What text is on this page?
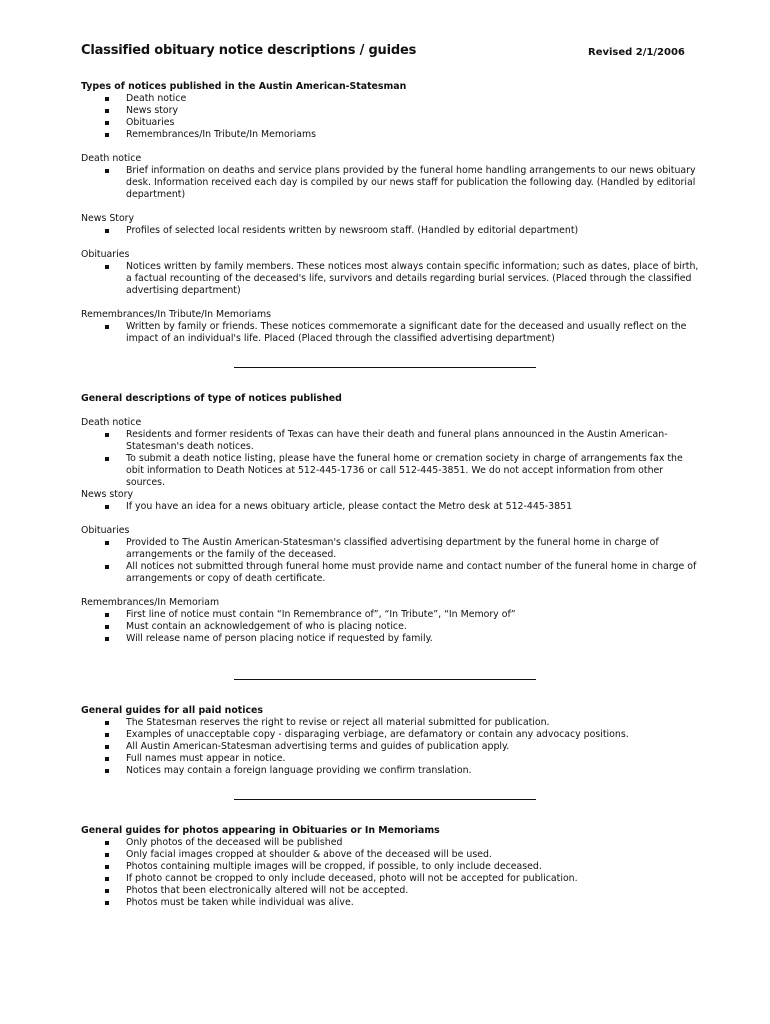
Classified obituary notice descriptions / guides	Revised 2/1/2006
Types of notices published in the Austin American-Statesman
Death notice
News story
Obituaries
Remembrances/In Tribute/In Memoriams
Death notice
Brief information on deaths and service plans provided by the funeral home handling arrangements to our news obituary desk. Information received each day is compiled by our news staff for publication the following day. (Handled by editorial department)
News Story
Profiles of selected local residents written by newsroom staff. (Handled by editorial department)
Obituaries
Notices written by family members. These notices most always contain specific information; such as dates, place of birth, a factual recounting of the deceased's life, survivors and details regarding burial services. (Placed through the classified advertising department)
Remembrances/In Tribute/In Memoriams
Written by family or friends. These notices commemorate a significant date for the deceased and usually reflect on the impact of an individual's life. Placed (Placed through the classified advertising department)
General descriptions of type of notices published
Death notice
Residents and former residents of Texas can have their death and funeral plans announced in the Austin American-Statesman's death notices.
To submit a death notice listing, please have the funeral home or cremation society in charge of arrangements fax the obit information to Death Notices at 512-445-1736 or call 512-445-3851. We do not accept information from other sources.
News story
If you have an idea for a news obituary article, please contact the Metro desk at 512-445-3851
Obituaries
Provided to The Austin American-Statesman's classified advertising department by the funeral home in charge of arrangements or the family of the deceased.
All notices not submitted through funeral home must provide name and contact number of the funeral home in charge of arrangements or copy of death certificate.
Remembrances/In Memoriam
First line of notice must contain “In Remembrance of”, “In Tribute”, “In Memory of”
Must contain an acknowledgement of who is placing notice.
Will release name of person placing notice if requested by family.
General guides for all paid notices
The Statesman reserves the right to revise or reject all material submitted for publication.
Examples of unacceptable copy - disparaging verbiage, are defamatory or contain any advocacy positions.
All Austin American-Statesman advertising terms and guides of publication apply.
Full names must appear in notice.
Notices may contain a foreign language providing we confirm translation.
General guides for photos appearing in Obituaries or In Memoriams
Only photos of the deceased will be published
Only facial images cropped at shoulder & above of the deceased will be used.
Photos containing multiple images will be cropped, if possible, to only include deceased.
If photo cannot be cropped to only include deceased, photo will not be accepted for publication.
Photos that been electronically altered will not be accepted.
Photos must be taken while individual was alive.
